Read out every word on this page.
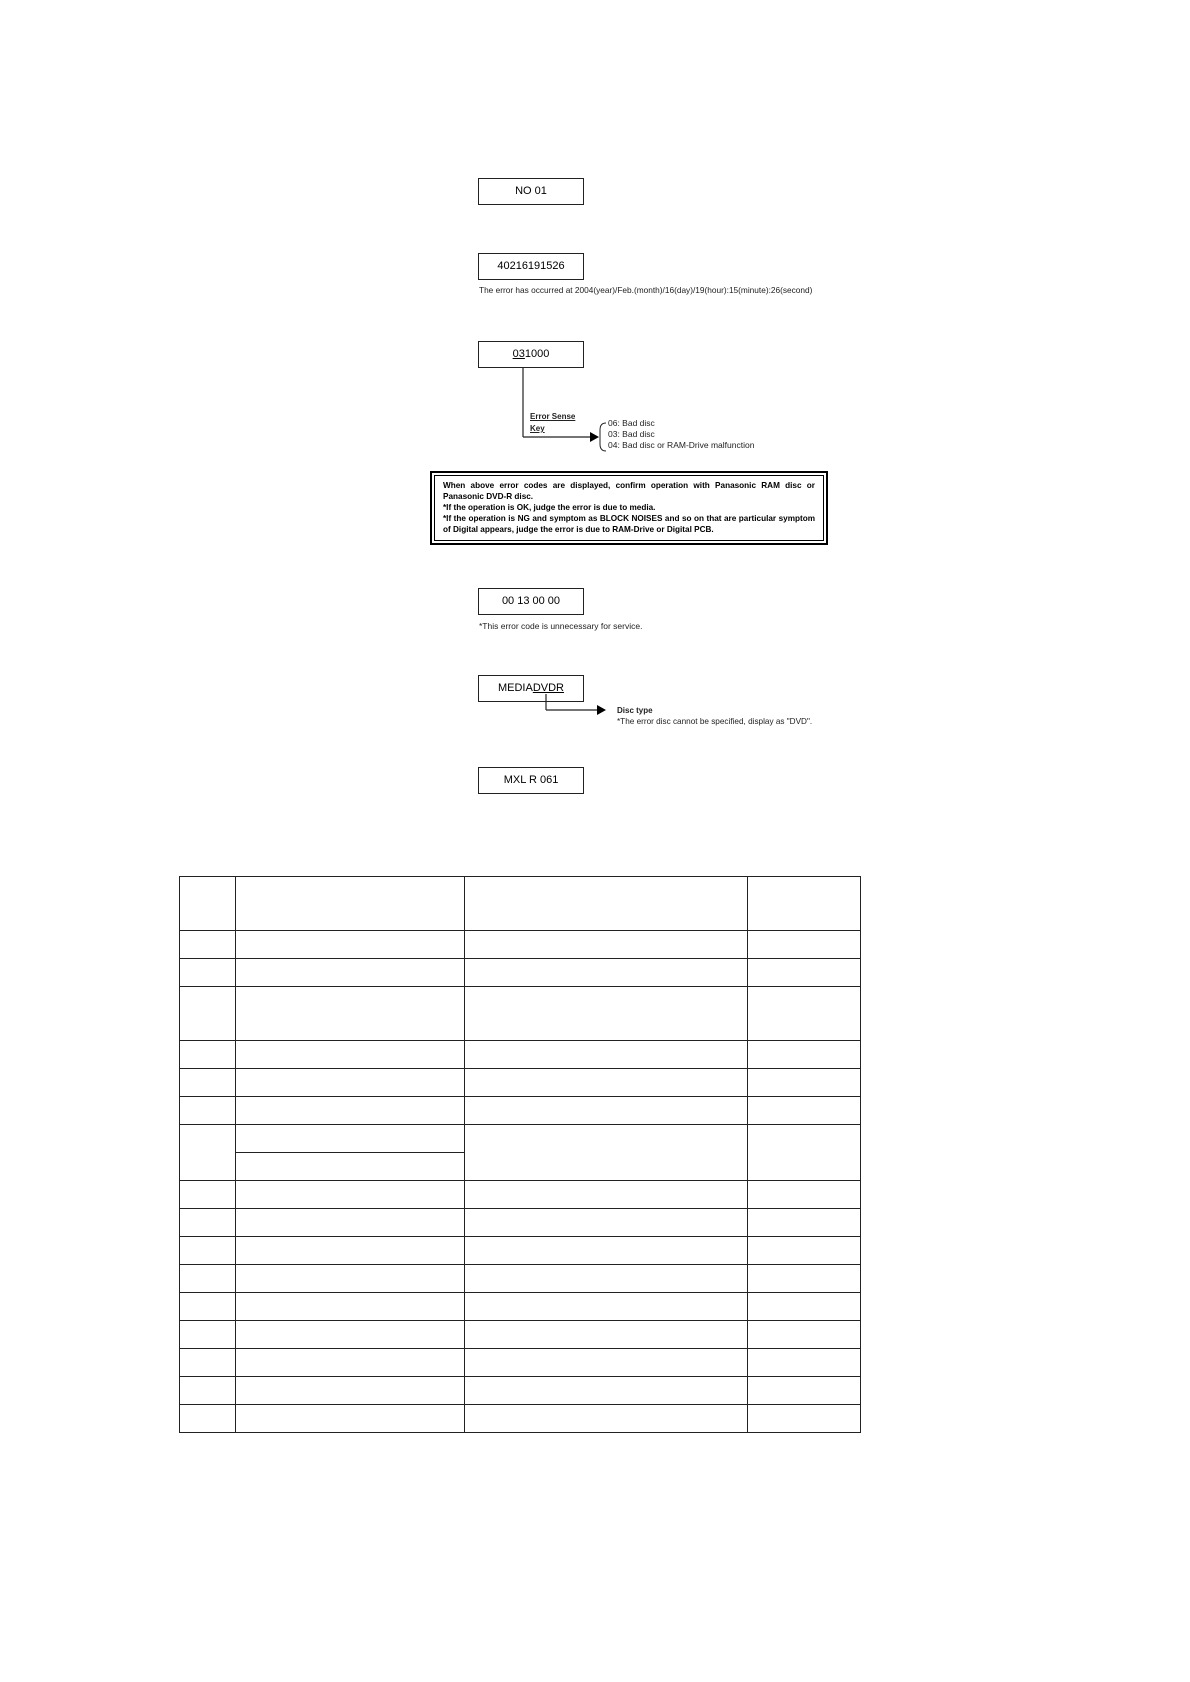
NO 01
40216191526
The error has occurred at 2004(year)/Feb.(month)/16(day)/19(hour):15(minute):26(second)
031000
Error Sense
Key
06: Bad disc
03: Bad disc
04: Bad disc or RAM-Drive malfunction
When above error codes are displayed, confirm operation with Panasonic RAM disc or Panasonic DVD-R disc.
*If the operation is OK, judge the error is due to media.
*If the operation is NG and symptom as BLOCK NOISES and so on that are particular symptom of Digital appears, judge the error is due to RAM-Drive or Digital PCB.
00 13 00 00
*This error code is unnecessary for service.
MEDIADVDR
Disc type
*The error disc cannot be specified, display as "DVD".
MXL R 061
